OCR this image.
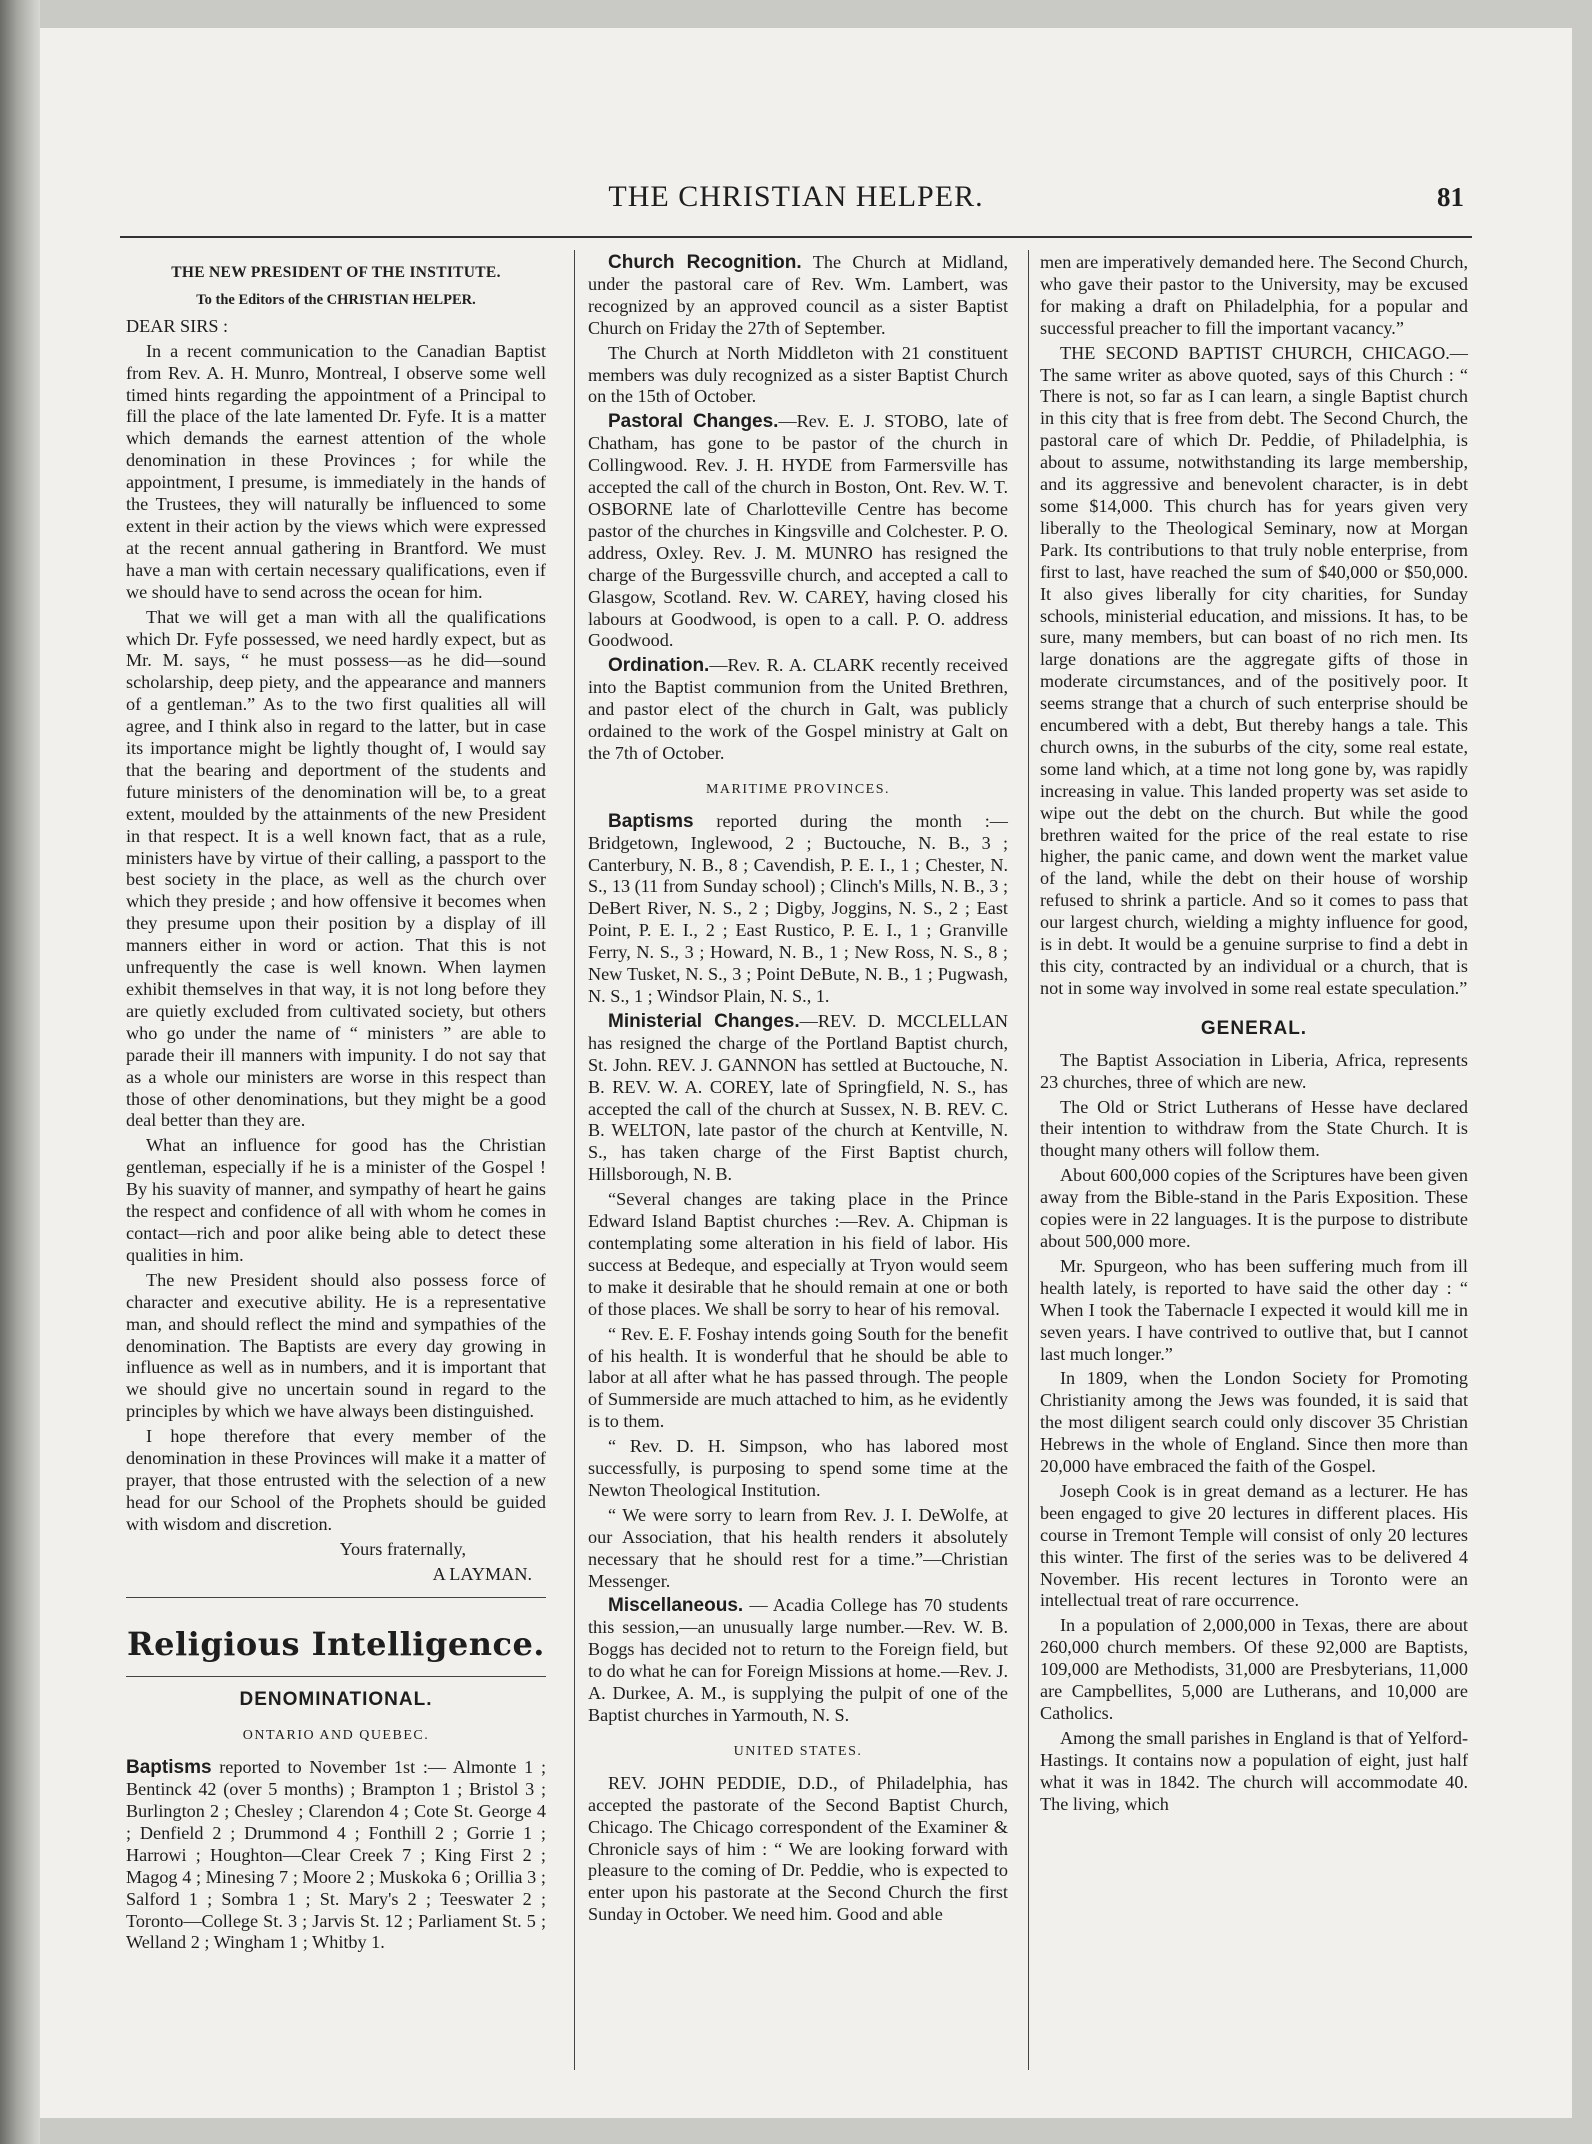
THE CHRISTIAN HELPER.	81
THE NEW PRESIDENT OF THE INSTITUTE.
To the Editors of the CHRISTIAN HELPER.

DEAR SIRS :

In a recent communication to the Canadian Baptist from Rev. A. H. Munro, Montreal, I observe some well timed hints regarding the appointment of a Principal to fill the place of the late lamented Dr. Fyfe. It is a matter which demands the earnest attention of the whole denomination in these Provinces ; for while the appointment, I presume, is immediately in the hands of the Trustees, they will naturally be influenced to some extent in their action by the views which were expressed at the recent annual gathering in Brantford. We must have a man with certain necessary qualifications, even if we should have to send across the ocean for him.

That we will get a man with all the qualifications which Dr. Fyfe possessed, we need hardly expect, but as Mr. M. says, “ he must possess—as he did—sound scholarship, deep piety, and the appearance and manners of a gentleman.” As to the two first qualities all will agree, and I think also in regard to the latter, but in case its importance might be lightly thought of, I would say that the bearing and deportment of the students and future ministers of the denomination will be, to a great extent, moulded by the attainments of the new President in that respect. It is a well known fact, that as a rule, ministers have by virtue of their calling, a passport to the best society in the place, as well as the church over which they preside ; and how offensive it becomes when they presume upon their position by a display of ill manners either in word or action. That this is not unfrequently the case is well known. When laymen exhibit themselves in that way, it is not long before they are quietly excluded from cultivated society, but others who go under the name of “ ministers ” are able to parade their ill manners with impunity. I do not say that as a whole our ministers are worse in this respect than those of other denominations, but they might be a good deal better than they are.

What an influence for good has the Christian gentleman, especially if he is a minister of the Gospel ! By his suavity of manner, and sympathy of heart he gains the respect and confidence of all with whom he comes in contact—rich and poor alike being able to detect these qualities in him.

The new President should also possess force of character and executive ability. He is a representative man, and should reflect the mind and sympathies of the denomination. The Baptists are every day growing in influence as well as in numbers, and it is important that we should give no uncertain sound in regard to the principles by which we have always been distinguished.

I hope therefore that every member of the denomination in these Provinces will make it a matter of prayer, that those entrusted with the selection of a new head for our School of the Prophets should be guided with wisdom and discretion.

Yours fraternally,

A LAYMAN.

Religious Intelligence.
DENOMINATIONAL.
ONTARIO AND QUEBEC.

Baptisms reported to November 1st :— Almonte 1 ; Bentinck 42 (over 5 months) ; Brampton 1 ; Bristol 3 ; Burlington 2 ; Chesley ; Clarendon 4 ; Cote St. George 4 ; Denfield 2 ; Drummond 4 ; Fonthill 2 ; Gorrie 1 ; Harrowi ; Houghton—Clear Creek 7 ; King First 2 ; Magog 4 ; Minesing 7 ; Moore 2 ; Muskoka 6 ; Orillia 3 ; Salford 1 ; Sombra 1 ; St. Mary's 2 ; Teeswater 2 ; Toronto—College St. 3 ; Jarvis St. 12 ; Parliament St. 5 ; Welland 2 ; Wingham 1 ; Whitby 1.

Church Recognition. The Church at Midland, under the pastoral care of Rev. Wm. Lambert, was recognized by an approved council as a sister Baptist Church on Friday the 27th of September.

The Church at North Middleton with 21 constituent members was duly recognized as a sister Baptist Church on the 15th of October.

Pastoral Changes.—Rev. E. J. STOBO, late of Chatham, has gone to be pastor of the church in Collingwood. Rev. J. H. HYDE from Farmersville has accepted the call of the church in Boston, Ont. Rev. W. T. OSBORNE late of Charlotteville Centre has become pastor of the churches in Kingsville and Colchester. P. O. address, Oxley. Rev. J. M. MUNRO has resigned the charge of the Burgessville church, and accepted a call to Glasgow, Scotland. Rev. W. CAREY, having closed his labours at Goodwood, is open to a call. P. O. address Goodwood.

Ordination.—Rev. R. A. CLARK recently received into the Baptist communion from the United Brethren, and pastor elect of the church in Galt, was publicly ordained to the work of the Gospel ministry at Galt on the 7th of October.

MARITIME PROVINCES.

Baptisms reported during the month :— Bridgetown, Inglewood, 2 ; Buctouche, N. B., 3 ; Canterbury, N. B., 8 ; Cavendish, P. E. I., 1 ; Chester, N. S., 13 (11 from Sunday school) ; Clinch's Mills, N. B., 3 ; DeBert River, N. S., 2 ; Digby, Joggins, N. S., 2 ; East Point, P. E. I., 2 ; East Rustico, P. E. I., 1 ; Granville Ferry, N. S., 3 ; Howard, N. B., 1 ; New Ross, N. S., 8 ; New Tusket, N. S., 3 ; Point DeBute, N. B., 1 ; Pugwash, N. S., 1 ; Windsor Plain, N. S., 1.

Ministerial Changes.—REV. D. MCCLELLAN has resigned the charge of the Portland Baptist church, St. John. REV. J. GANNON has settled at Buctouche, N. B. REV. W. A. COREY, late of Springfield, N. S., has accepted the call of the church at Sussex, N. B. REV. C. B. WELTON, late pastor of the church at Kentville, N. S., has taken charge of the First Baptist church, Hillsborough, N. B.

“Several changes are taking place in the Prince Edward Island Baptist churches :—Rev. A. Chipman is contemplating some alteration in his field of labor. His success at Bedeque, and especially at Tryon would seem to make it desirable that he should remain at one or both of those places. We shall be sorry to hear of his removal.

“ Rev. E. F. Foshay intends going South for the benefit of his health. It is wonderful that he should be able to labor at all after what he has passed through. The people of Summerside are much attached to him, as he evidently is to them.

“ Rev. D. H. Simpson, who has labored most successfully, is purposing to spend some time at the Newton Theological Institution.

“ We were sorry to learn from Rev. J. I. DeWolfe, at our Association, that his health renders it absolutely necessary that he should rest for a time.”—Christian Messenger.

Miscellaneous. — Acadia College has 70 students this session,—an unusually large number.—Rev. W. B. Boggs has decided not to return to the Foreign field, but to do what he can for Foreign Missions at home.—Rev. J. A. Durkee, A. M., is supplying the pulpit of one of the Baptist churches in Yarmouth, N. S.

UNITED STATES.

REV. JOHN PEDDIE, D.D., of Philadelphia, has accepted the pastorate of the Second Baptist Church, Chicago. The Chicago correspondent of the Examiner & Chronicle says of him : “ We are looking forward with pleasure to the coming of Dr. Peddie, who is expected to enter upon his pastorate at the Second Church the first Sunday in October. We need him. Good and able

men are imperatively demanded here. The Second Church, who gave their pastor to the University, may be excused for making a draft on Philadelphia, for a popular and successful preacher to fill the important vacancy.”

THE SECOND BAPTIST CHURCH, CHICAGO.—The same writer as above quoted, says of this Church : “ There is not, so far as I can learn, a single Baptist church in this city that is free from debt. The Second Church, the pastoral care of which Dr. Peddie, of Philadelphia, is about to assume, notwithstanding its large membership, and its aggressive and benevolent character, is in debt some $14,000. This church has for years given very liberally to the Theological Seminary, now at Morgan Park. Its contributions to that truly noble enterprise, from first to last, have reached the sum of $40,000 or $50,000. It also gives liberally for city charities, for Sunday schools, ministerial education, and missions. It has, to be sure, many members, but can boast of no rich men. Its large donations are the aggregate gifts of those in moderate circumstances, and of the positively poor. It seems strange that a church of such enterprise should be encumbered with a debt, But thereby hangs a tale. This church owns, in the suburbs of the city, some real estate, some land which, at a time not long gone by, was rapidly increasing in value. This landed property was set aside to wipe out the debt on the church. But while the good brethren waited for the price of the real estate to rise higher, the panic came, and down went the market value of the land, while the debt on their house of worship refused to shrink a particle. And so it comes to pass that our largest church, wielding a mighty influence for good, is in debt. It would be a genuine surprise to find a debt in this city, contracted by an individual or a church, that is not in some way involved in some real estate speculation.”

GENERAL.

The Baptist Association in Liberia, Africa, represents 23 churches, three of which are new.

The Old or Strict Lutherans of Hesse have declared their intention to withdraw from the State Church. It is thought many others will follow them.

About 600,000 copies of the Scriptures have been given away from the Bible-stand in the Paris Exposition. These copies were in 22 languages. It is the purpose to distribute about 500,000 more.

Mr. Spurgeon, who has been suffering much from ill health lately, is reported to have said the other day : “ When I took the Tabernacle I expected it would kill me in seven years. I have contrived to outlive that, but I cannot last much longer.”

In 1809, when the London Society for Promoting Christianity among the Jews was founded, it is said that the most diligent search could only discover 35 Christian Hebrews in the whole of England. Since then more than 20,000 have embraced the faith of the Gospel.

Joseph Cook is in great demand as a lecturer. He has been engaged to give 20 lectures in different places. His course in Tremont Temple will consist of only 20 lectures this winter. The first of the series was to be delivered 4 November. His recent lectures in Toronto were an intellectual treat of rare occurrence.

In a population of 2,000,000 in Texas, there are about 260,000 church members. Of these 92,000 are Baptists, 109,000 are Methodists, 31,000 are Presbyterians, 11,000 are Campbellites, 5,000 are Lutherans, and 10,000 are Catholics.

Among the small parishes in England is that of Yelford-Hastings. It contains now a population of eight, just half what it was in 1842. The church will accommodate 40. The living, which
